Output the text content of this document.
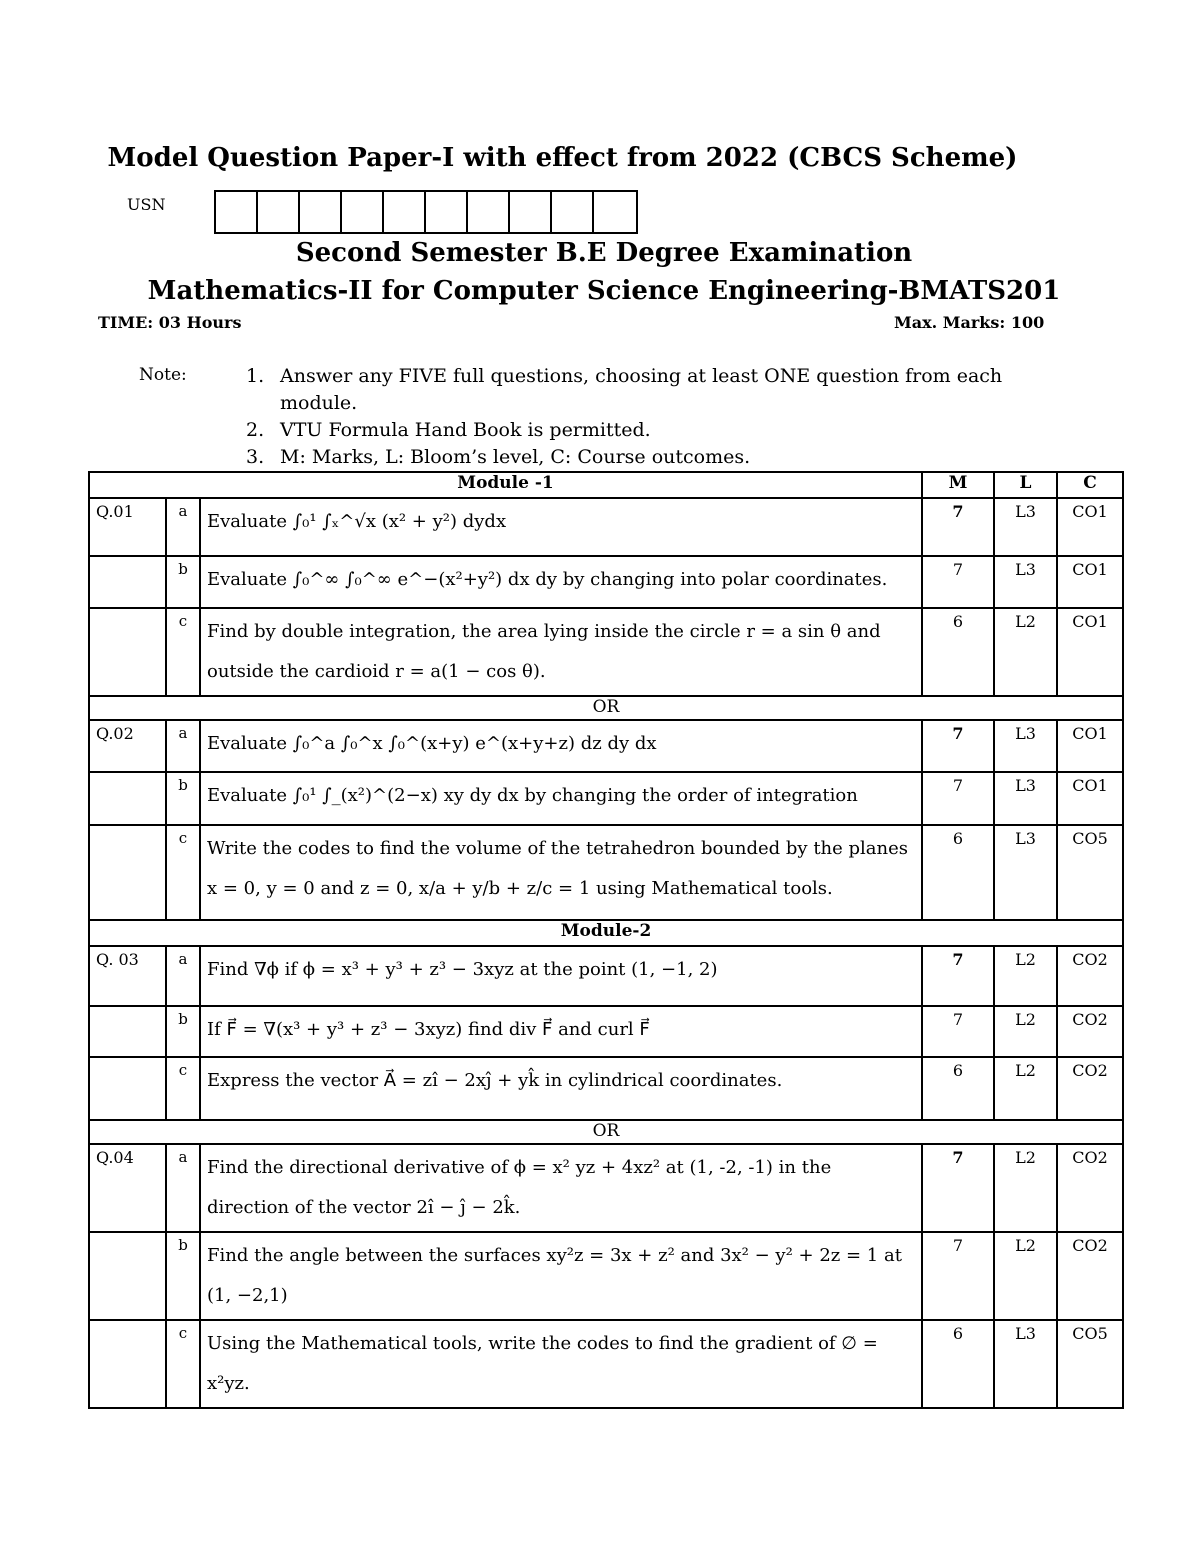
Model Question Paper-I with effect from 2022 (CBCS Scheme)
USN
Second Semester B.E Degree Examination
Mathematics-II for Computer Science Engineering-BMATS201
TIME: 03 Hours	Max. Marks: 100
Note:	1. Answer any FIVE full questions, choosing at least ONE question from each module.
2. VTU Formula Hand Book is permitted.
3. M: Marks, L: Bloom’s level, C: Course outcomes.
Module -1			M	L	C
Q.01	a	Evaluate ∫₀¹ ∫ₓ^√x (x² + y²) dydx	7	L3	CO1
	b	Evaluate ∫₀^∞ ∫₀^∞ e^−(x²+y²) dx dy by changing into polar coordinates.	7	L3	CO1
	c	Find by double integration, the area lying inside the circle r = a sin θ and outside the cardioid r = a(1 − cos θ).	6	L2	CO1
OR					
Q.02	a	Evaluate ∫₀^a ∫₀^x ∫₀^(x+y) e^(x+y+z) dz dy dx	7	L3	CO1
	b	Evaluate ∫₀¹ ∫_(x²)^(2−x) xy dy dx by changing the order of integration	7	L3	CO1
	c	Write the codes to find the volume of the tetrahedron bounded by the planes x = 0, y = 0 and z = 0, x/a + y/b + z/c = 1 using Mathematical tools.	6	L3	CO5
Module-2					
Q. 03	a	Find ∇ϕ if ϕ = x³ + y³ + z³ − 3xyz at the point (1, −1, 2)	7	L2	CO2
	b	If F⃗ = ∇(x³ + y³ + z³ − 3xyz) find div F⃗ and curl F⃗	7	L2	CO2
	c	Express the vector A⃗ = zî − 2xĵ + yk̂ in cylindrical coordinates.	6	L2	CO2
OR					
Q.04	a	Find the directional derivative of ϕ = x² yz + 4xz² at (1, -2, -1) in the direction of the vector 2î − ĵ − 2k̂.	7	L2	CO2
	b	Find the angle between the surfaces xy²z = 3x + z² and 3x² − y² + 2z = 1 at (1, −2,1)	7	L2	CO2
	c	Using the Mathematical tools, write the codes to find the gradient of ∅ = x²yz.	6	L3	CO5
